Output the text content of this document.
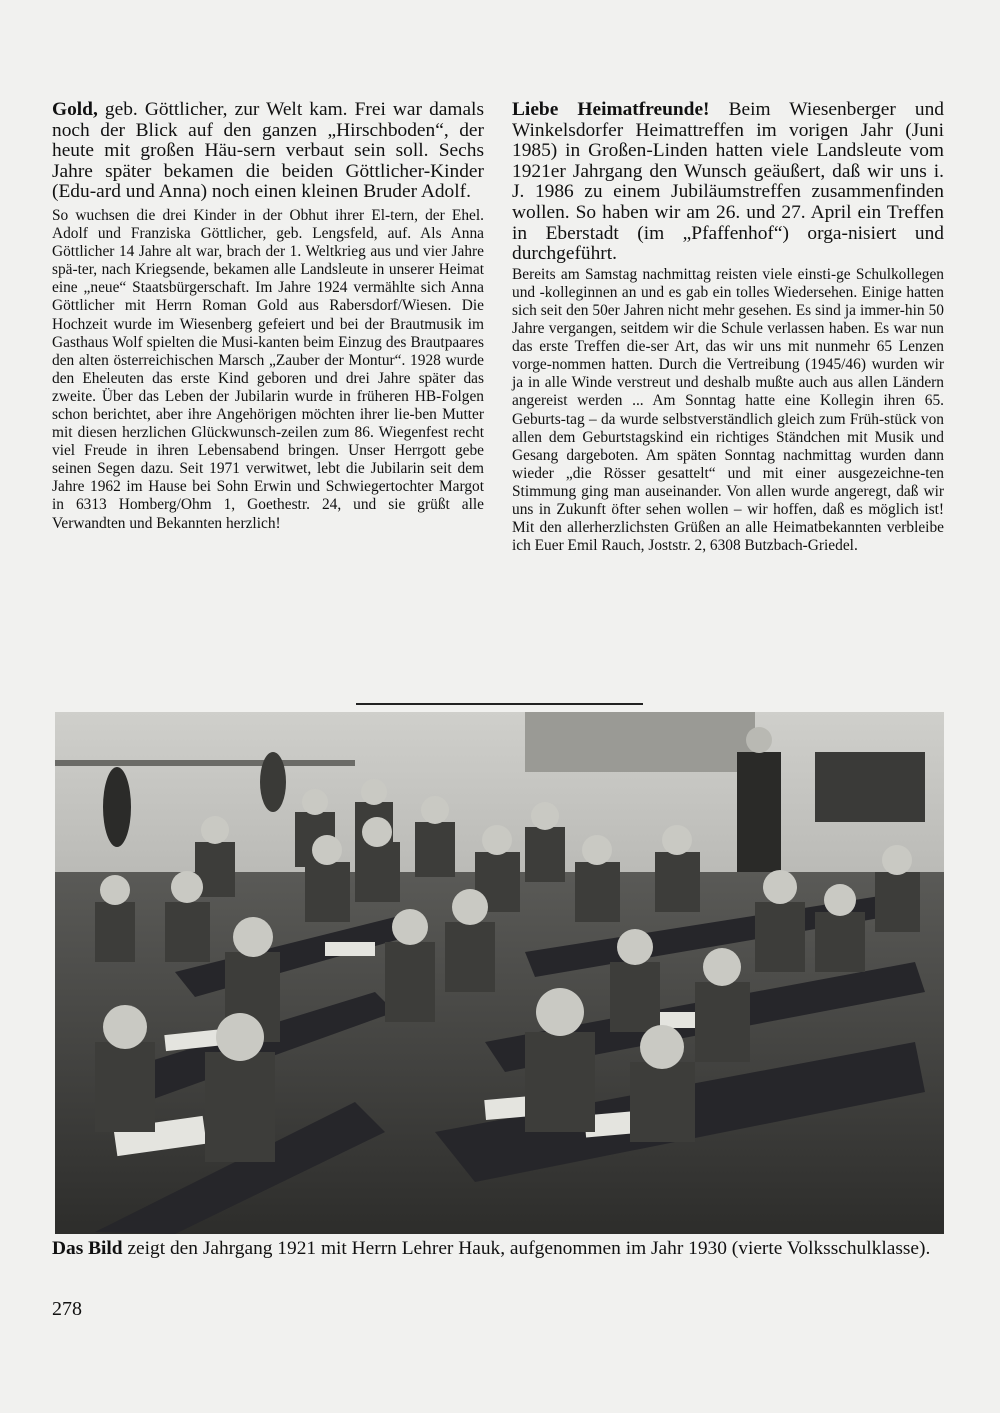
Gold, geb. Göttlicher, zur Welt kam. Frei war damals noch der Blick auf den ganzen „Hirschboden“, der heute mit großen Häu-sern verbaut sein soll. Sechs Jahre später bekamen die beiden Göttlicher-Kinder (Edu-ard und Anna) noch einen kleinen Bruder Adolf.

So wuchsen die drei Kinder in der Obhut ihrer El-tern, der Ehel. Adolf und Franziska Göttlicher, geb. Lengsfeld, auf. Als Anna Göttlicher 14 Jahre alt war, brach der 1. Weltkrieg aus und vier Jahre spä-ter, nach Kriegsende, bekamen alle Landsleute in unserer Heimat eine „neue“ Staatsbürgerschaft. Im Jahre 1924 vermählte sich Anna Göttlicher mit Herrn Roman Gold aus Rabersdorf/Wiesen. Die Hochzeit wurde im Wiesenberg gefeiert und bei der Brautmusik im Gasthaus Wolf spielten die Musi-kanten beim Einzug des Brautpaares den alten österreichischen Marsch „Zauber der Montur“. 1928 wurde den Eheleuten das erste Kind geboren und drei Jahre später das zweite. Über das Leben der Jubilarin wurde in früheren HB-Folgen schon berichtet, aber ihre Angehörigen möchten ihrer lie-ben Mutter mit diesen herzlichen Glückwunsch-zeilen zum 86. Wiegenfest recht viel Freude in ihren Lebensabend bringen. Unser Herrgott gebe seinen Segen dazu. Seit 1971 verwitwet, lebt die Jubilarin seit dem Jahre 1962 im Hause bei Sohn Erwin und Schwiegertochter Margot in 6313 Homberg/Ohm 1, Goethestr. 24, und sie grüßt alle Verwandten und Bekannten herzlich!

Liebe Heimatfreunde! Beim Wiesenberger und Winkelsdorfer Heimattreffen im vorigen Jahr (Juni 1985) in Großen-Linden hatten viele Landsleute vom 1921er Jahrgang den Wunsch geäußert, daß wir uns i. J. 1986 zu einem Jubiläumstreffen zusammenfinden wollen. So haben wir am 26. und 27. April ein Treffen in Eberstadt (im „Pfaffenhof“) orga-nisiert und durchgeführt.

Bereits am Samstag nachmittag reisten viele einsti-ge Schulkollegen und -kolleginnen an und es gab ein tolles Wiedersehen. Einige hatten sich seit den 50er Jahren nicht mehr gesehen. Es sind ja immer-hin 50 Jahre vergangen, seitdem wir die Schule verlassen haben. Es war nun das erste Treffen die-ser Art, das wir uns mit nunmehr 65 Lenzen vorge-nommen hatten. Durch die Vertreibung (1945/46) wurden wir ja in alle Winde verstreut und deshalb mußte auch aus allen Ländern angereist werden ... Am Sonntag hatte eine Kollegin ihren 65. Geburts-tag – da wurde selbstverständlich gleich zum Früh-stück von allen dem Geburtstagskind ein richtiges Ständchen mit Musik und Gesang dargeboten. Am späten Sonntag nachmittag wurden dann wieder „die Rösser gesattelt“ und mit einer ausgezeichne-ten Stimmung ging man auseinander. Von allen wurde angeregt, daß wir uns in Zukunft öfter sehen wollen – wir hoffen, daß es möglich ist! Mit den allerherzlichsten Grüßen an alle Heimatbekannten verbleibe ich Euer Emil Rauch, Joststr. 2, 6308 Butzbach-Griedel.

Das Bild zeigt den Jahrgang 1921 mit Herrn Lehrer Hauk, aufgenommen im Jahr 1930 (vierte Volksschulklasse).

278
